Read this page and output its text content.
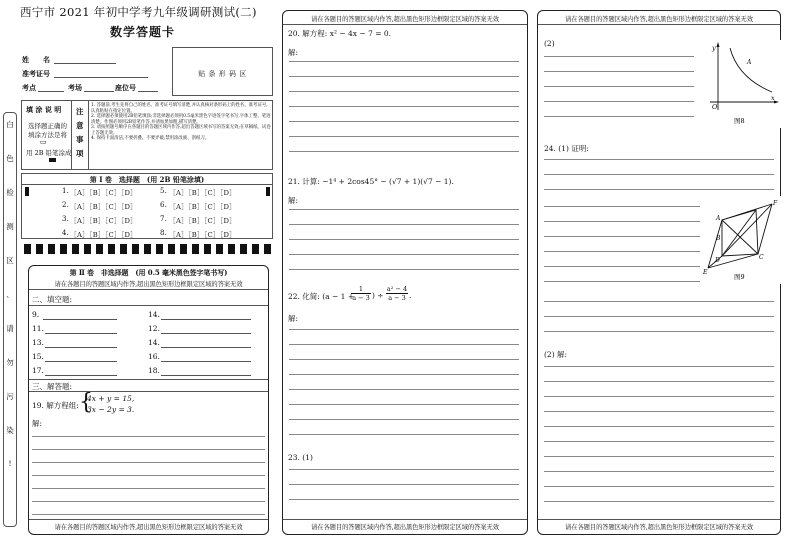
西宁市 2021 年初中学考九年级调研测试(二)
数学答题卡
姓　　名
准考证号
考点	考场	座位号
贴 条 形 码 区
填 涂 说 明
选择题正确的
填涂方法是将
▭
用 2B 铅笔涂成
注
意
事
项
1. 答题前,考生先将自己的姓名、准考证号填写清楚,并认真核对条形码上的姓名、准考证号,认真粘贴在指定位置。
2. 选择题必须使用2B铅笔填涂;非选择题必须用0.5毫米黑色字迹签字笔书写,字体工整、笔迹清楚。作图必须用2B铅笔作答,并请加黑加粗,描写清楚。
3. 请按照题号顺序在各题目的答题区域内作答,超出答题区域书写的答案无效;在草稿纸、试卷上答题无效。
4. 保持卡面清洁,不要折叠、不要弄破,禁用涂改液、刮纸刀。
白
色
检
测
区
、
请
勿
污
染
!
第 Ⅰ 卷　选择题　(用 2B 铅笔涂填)
1. ［A］［B］［C］［D］
2. ［A］［B］［C］［D］
3. ［A］［B］［C］［D］
4. ［A］［B］［C］［D］
5. ［A］［B］［C］［D］
6. ［A］［B］［C］［D］
7. ［A］［B］［C］［D］
8. ［A］［B］［C］［D］
第 Ⅱ 卷　非选择题　(用 0.5 毫米黑色签字笔书写)
请在各题目的答题区域内作答,超出黑色矩形边框限定区域的答案无效
二、填空题:
9.	14.
11.	12.
13.	14.
15.	16.
17.	18.
三、解答题:
19. 解方程组: {
4x + y = 15,
3x − 2y = 3.
解:
请在各题目的答题区域内作答,超出黑色矩形边框限定区域的答案无效
请在各题目的答题区域内作答,超出黑色矩形边框限定区域的答案无效
20. 解方程: x² − 4x − 7 = 0.
解:
21. 计算: −1⁴ + 2cos45° − (√7 + 1)(√7 − 1).
解:
22. 化简: (a − 1 +
$\frac{1}{a - 3}$ ) ÷ $\frac{\text{a² − 4}}{a - 3}$ .
解:
23. (1)
请在各题目的答题区域内作答,超出黑色矩形边框限定区域的答案无效
请在各题目的答题区域内作答,超出黑色矩形边框限定区域的答案无效
(2)
24. (1) 证明:
(2) 解:
请在各题目的答题区域内作答,超出黑色矩形边框限定区域的答案无效
y
x
O
A
图8
A
F
B
C
E
D
图9
